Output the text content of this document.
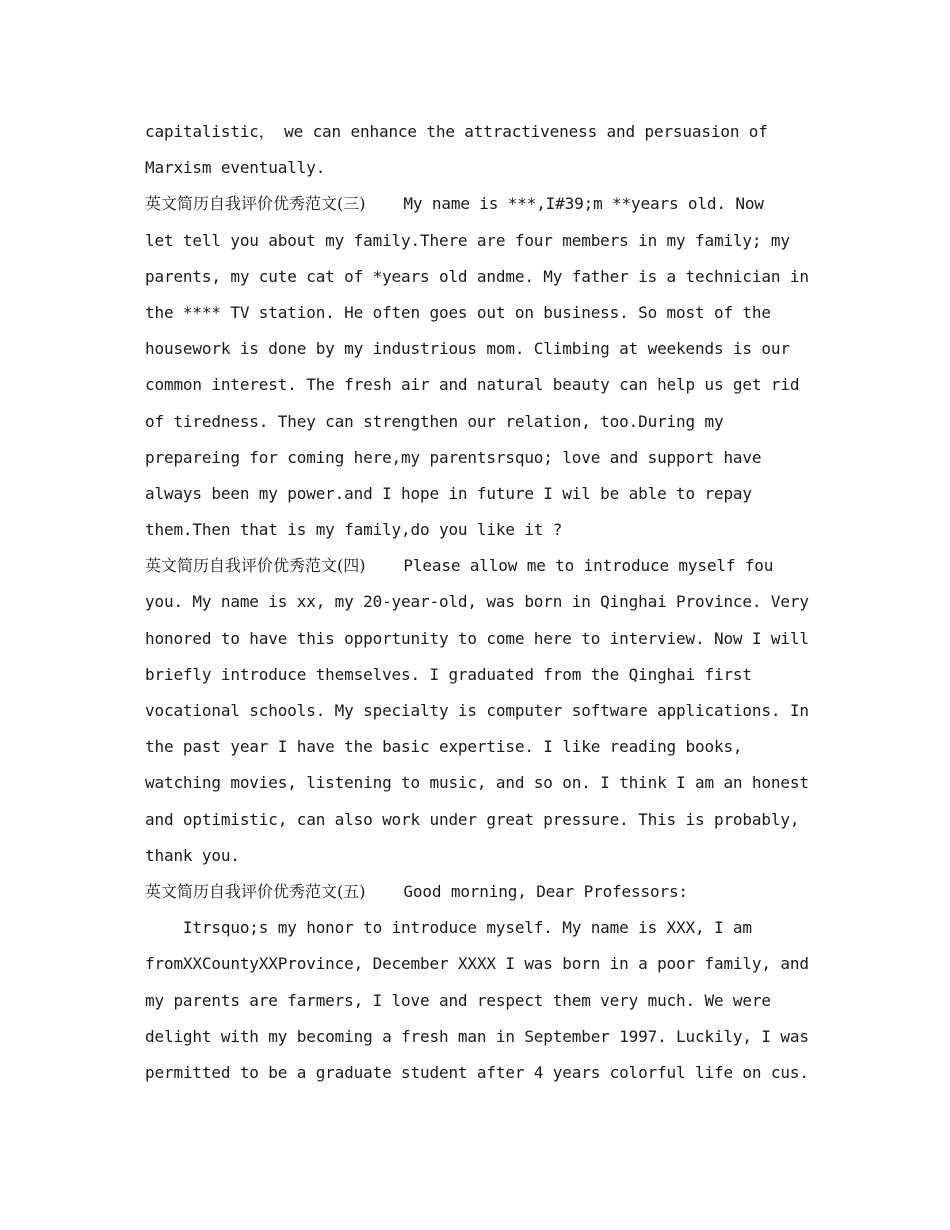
capitalistic， we can enhance the attractiveness and persuasion of
Marxism eventually.
英文简历自我评价优秀范文(三)    My name is ***,I#39;m **years old. Now
let tell you about my family.There are four members in my family; my
parents, my cute cat of *years old andme. My father is a technician in
the **** TV station. He often goes out on business. So most of the
housework is done by my industrious mom. Climbing at weekends is our
common interest. The fresh air and natural beauty can help us get rid
of tiredness. They can strengthen our relation, too.During my
prepareing for coming here,my parentsrsquo; love and support have
always been my power.and I hope in future I wil be able to repay
them.Then that is my family,do you like it ?
英文简历自我评价优秀范文(四)    Please allow me to introduce myself fou
you. My name is xx, my 20-year-old, was born in Qinghai Province. Very
honored to have this opportunity to come here to interview. Now I will
briefly introduce themselves. I graduated from the Qinghai first
vocational schools. My specialty is computer software applications. In
the past year I have the basic expertise. I like reading books,
watching movies, listening to music, and so on. I think I am an honest
and optimistic, can also work under great pressure. This is probably,
thank you.
英文简历自我评价优秀范文(五)    Good morning, Dear Professors:
Itrsquo;s my honor to introduce myself. My name is XXX, I am
fromXXCountyXXProvince, December XXXX I was born in a poor family, and
my parents are farmers, I love and respect them very much. We were
delight with my becoming a fresh man in September 1997. Luckily, I was
permitted to be a graduate student after 4 years colorful life on cus.
